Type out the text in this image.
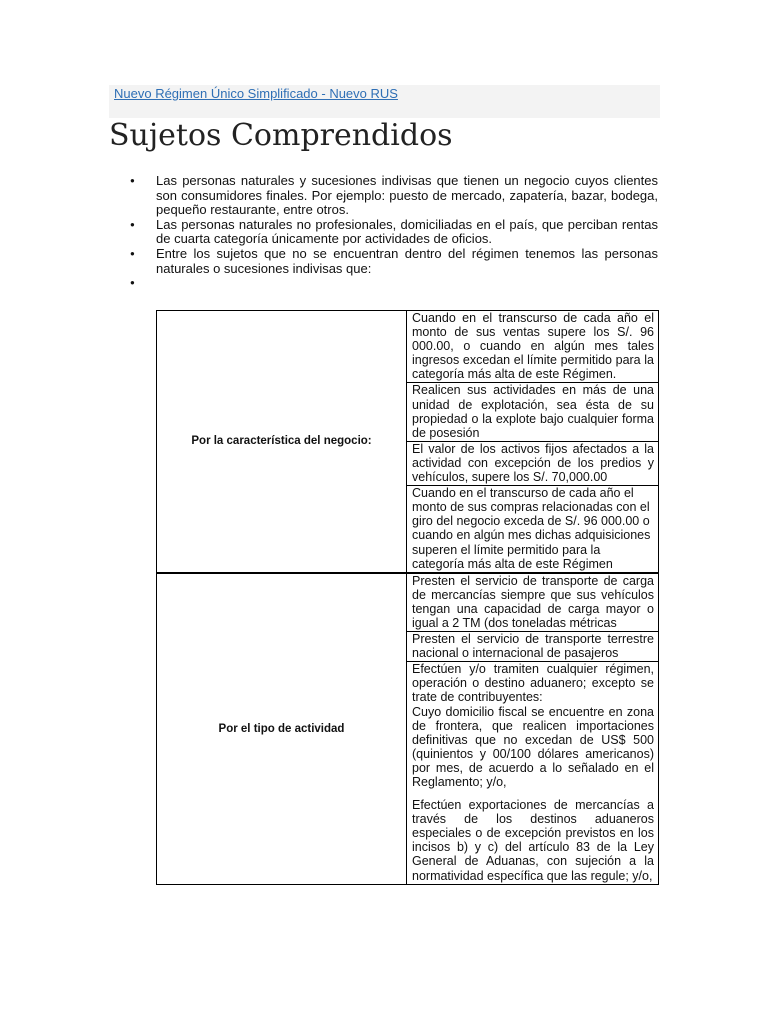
Nuevo Régimen Único Simplificado - Nuevo RUS
Sujetos Comprendidos
● Las personas naturales y sucesiones indivisas que tienen un negocio cuyos clientes son consumidores finales. Por ejemplo: puesto de mercado, zapatería, bazar, bodega, pequeño restaurante, entre otros.
● Las personas naturales no profesionales, domiciliadas en el país, que perciban rentas de cuarta categoría únicamente por actividades de oficios.
● Entre los sujetos que no se encuentran dentro del régimen tenemos las personas naturales o sucesiones indivisas que:
●
Por la característica del negocio:	Cuando en el transcurso de cada año el monto de sus ventas supere los S/. 96 000.00, o cuando en algún mes tales ingresos excedan el límite permitido para la categoría más alta de este Régimen.

	Realicen sus actividades en más de una unidad de explotación, sea ésta de su propiedad o la explote bajo cualquier forma de posesión

	El valor de los activos fijos afectados a la actividad con excepción de los predios y vehículos, supere los S/. 70,000.00

	Cuando en el transcurso de cada año el monto de sus compras relacionadas con el giro del negocio exceda de S/. 96 000.00 o cuando en algún mes dichas adquisiciones superen el límite permitido para la categoría más alta de este Régimen

Por el tipo de actividad	Presten el servicio de transporte de carga de mercancías siempre que sus vehículos tengan una capacidad de carga mayor o igual a 2 TM (dos toneladas métricas

	Presten el servicio de transporte terrestre nacional o internacional de pasajeros

	Efectúen y/o tramiten cualquier régimen, operación o destino aduanero; excepto se trate de contribuyentes:

Cuyo domicilio fiscal se encuentre en zona de frontera, que realicen importaciones definitivas que no excedan de US$ 500 (quinientos y 00/100 dólares americanos) por mes, de acuerdo a lo señalado en el Reglamento; y/o,

Efectúen exportaciones de mercancías a través de los destinos aduaneros especiales o de excepción previstos en los incisos b) y c) del artículo 83 de la Ley General de Aduanas, con sujeción a la normatividad específica que las regule; y/o,
